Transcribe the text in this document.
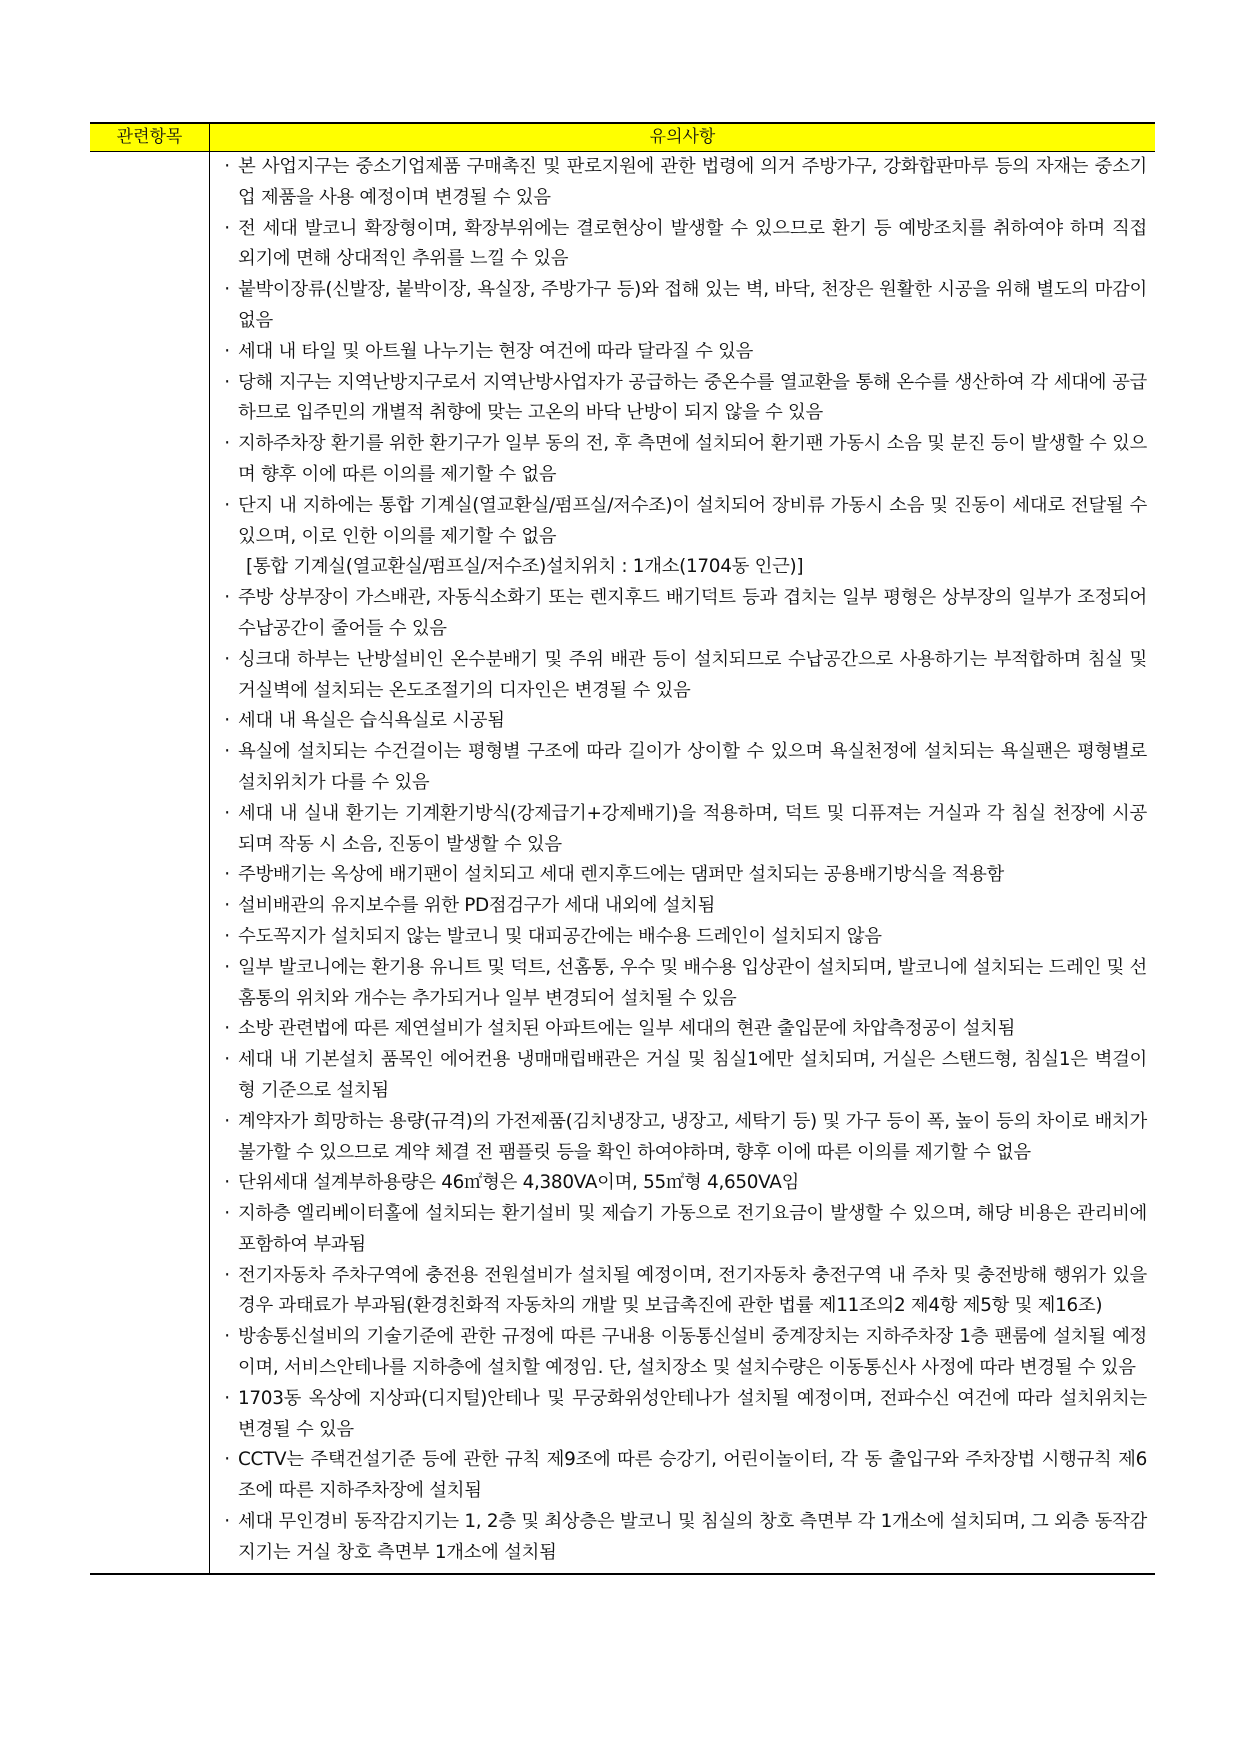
관련항목	유의사항
· 본 사업지구는 중소기업제품 구매촉진 및 판로지원에 관한 법령에 의거 주방가구, 강화합판마루 등의 자재는 중소기업 제품을 사용 예정이며 변경될 수 있음
· 전 세대 발코니 확장형이며, 확장부위에는 결로현상이 발생할 수 있으므로 환기 등 예방조치를 취하여야 하며 직접 외기에 면해 상대적인 추위를 느낄 수 있음
· 붙박이장류(신발장, 붙박이장, 욕실장, 주방가구 등)와 접해 있는 벽, 바닥, 천장은 원활한 시공을 위해 별도의 마감이 없음
· 세대 내 타일 및 아트월 나누기는 현장 여건에 따라 달라질 수 있음
· 당해 지구는 지역난방지구로서 지역난방사업자가 공급하는 중온수를 열교환을 통해 온수를 생산하여 각 세대에 공급하므로 입주민의 개별적 취향에 맞는 고온의 바닥 난방이 되지 않을 수 있음
· 지하주차장 환기를 위한 환기구가 일부 동의 전, 후 측면에 설치되어 환기팬 가동시 소음 및 분진 등이 발생할 수 있으며 향후 이에 따른 이의를 제기할 수 없음
· 단지 내 지하에는 통합 기계실(열교환실/펌프실/저수조)이 설치되어 장비류 가동시 소음 및 진동이 세대로 전달될 수 있으며, 이로 인한 이의를 제기할 수 없음
[통합 기계실(열교환실/펌프실/저수조)설치위치 : 1개소(1704동 인근)]
· 주방 상부장이 가스배관, 자동식소화기 또는 렌지후드 배기덕트 등과 겹치는 일부 평형은 상부장의 일부가 조정되어 수납공간이 줄어들 수 있음
· 싱크대 하부는 난방설비인 온수분배기 및 주위 배관 등이 설치되므로 수납공간으로 사용하기는 부적합하며 침실 및 거실벽에 설치되는 온도조절기의 디자인은 변경될 수 있음
· 세대 내 욕실은 습식욕실로 시공됨
· 욕실에 설치되는 수건걸이는 평형별 구조에 따라 길이가 상이할 수 있으며 욕실천정에 설치되는 욕실팬은 평형별로 설치위치가 다를 수 있음
· 세대 내 실내 환기는 기계환기방식(강제급기+강제배기)을 적용하며, 덕트 및 디퓨져는 거실과 각 침실 천장에 시공되며 작동 시 소음, 진동이 발생할 수 있음
· 주방배기는 옥상에 배기팬이 설치되고 세대 렌지후드에는 댐퍼만 설치되는 공용배기방식을 적용함
· 설비배관의 유지보수를 위한 PD점검구가 세대 내외에 설치됨
· 수도꼭지가 설치되지 않는 발코니 및 대피공간에는 배수용 드레인이 설치되지 않음
· 일부 발코니에는 환기용 유니트 및 덕트, 선홈통, 우수 및 배수용 입상관이 설치되며, 발코니에 설치되는 드레인 및 선홈통의 위치와 개수는 추가되거나 일부 변경되어 설치될 수 있음
· 소방 관련법에 따른 제연설비가 설치된 아파트에는 일부 세대의 현관 출입문에 차압측정공이 설치됨
· 세대 내 기본설치 품목인 에어컨용 냉매매립배관은 거실 및 침실1에만 설치되며, 거실은 스탠드형, 침실1은 벽걸이형 기준으로 설치됨
· 계약자가 희망하는 용량(규격)의 가전제품(김치냉장고, 냉장고, 세탁기 등) 및 가구 등이 폭, 높이 등의 차이로 배치가 불가할 수 있으므로 계약 체결 전 팸플릿 등을 확인 하여야하며, 향후 이에 따른 이의를 제기할 수 없음
· 단위세대 설계부하용량은 46㎡형은 4,380VA이며, 55㎡형 4,650VA임
· 지하층 엘리베이터홀에 설치되는 환기설비 및 제습기 가동으로 전기요금이 발생할 수 있으며, 해당 비용은 관리비에 포함하여 부과됨
· 전기자동차 주차구역에 충전용 전원설비가 설치될 예정이며, 전기자동차 충전구역 내 주차 및 충전방해 행위가 있을 경우 과태료가 부과됨(환경친화적 자동차의 개발 및 보급촉진에 관한 법률 제11조의2 제4항 제5항 및 제16조)
· 방송통신설비의 기술기준에 관한 규정에 따른 구내용 이동통신설비 중계장치는 지하주차장 1층 팬룸에 설치될 예정이며, 서비스안테나를 지하층에 설치할 예정임. 단, 설치장소 및 설치수량은 이동통신사 사정에 따라 변경될 수 있음
· 1703동 옥상에 지상파(디지털)안테나 및 무궁화위성안테나가 설치될 예정이며, 전파수신 여건에 따라 설치위치는 변경될 수 있음
· CCTV는 주택건설기준 등에 관한 규칙 제9조에 따른 승강기, 어린이놀이터, 각 동 출입구와 주차장법 시행규칙 제6조에 따른 지하주차장에 설치됨
· 세대 무인경비 동작감지기는 1, 2층 및 최상층은 발코니 및 침실의 창호 측면부 각 1개소에 설치되며, 그 외층 동작감지기는 거실 창호 측면부 1개소에 설치됨
